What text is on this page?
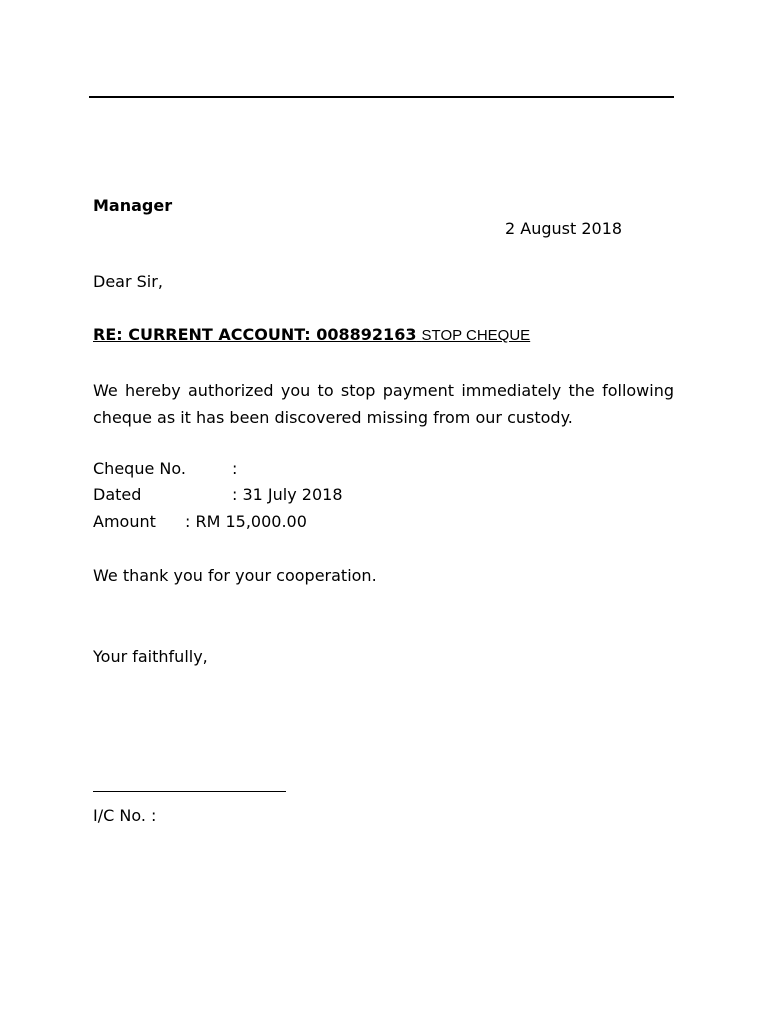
Manager
2 August 2018
Dear Sir,
RE: CURRENT ACCOUNT: 008892163 STOP CHEQUE
We hereby authorized you to stop payment immediately the following cheque as it has been discovered missing from our custody.
Cheque No.	:
Dated	: 31 July 2018
Amount : RM 15,000.00
We thank you for your cooperation.
Your faithfully,
I/C No. :
